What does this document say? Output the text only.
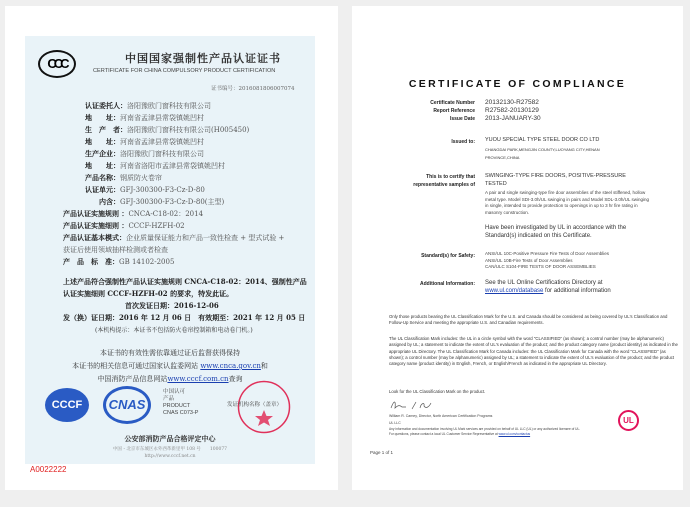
CCC	中国国家强制性产品认证证书
CERTIFICATE FOR CHINA COMPULSORY PRODUCT CERTIFICATION
证书编号：2016081806007074
认证委托人：洛阳豫欧门窗科技有限公司
地　　址：河南省孟津县常袋镇姚凹村
生　产　者：洛阳豫欧门窗科技有限公司(H005450)
地　　址：河南省孟津县常袋镇姚凹村
生产企业：洛阳豫欧门窗科技有限公司
地　　址：河南省洛阳市孟津县常袋镇姚凹村
产品名称：钢质防火卷帘
认证单元：GFJ-300300-F3-Cz-D-80
　　内含：GFJ-300300-F3-Cz-D-80(主型)
产品认证实施规则 ：CNCA-C18-02：2014
产品认证实施细则 ：CCCF-HZFH-02
产品认证基本模式：企业质量保证能力和产品一致性检查 + 型式试验 +
获证后使用领域抽样检测或者检查
产　品　标　准：GB 14102-2005
上述产品符合强制性产品认证实施规则 CNCA-C18-02：2014、强制性产品
认证实施细则 CCCF-HZFH-02 的要求，特发此证。
首次发证日期：2016-12-06
发（换）证日期：2016 年 12 月 06 日　有效期至：2021 年 12 月 05 日
(本机构提示：本证书不包括防火卷帘控制箱和电动卷门机。)
本证书的有效性需依靠通过证后监督获得保持
本证书的相关信息可通过国家认监委网站 www.cnca.gov.cn和
中国消防产品信息网站www.cccf.com.cn查询
CCCF	CNAS
中国认可
产品
PRODUCT
CNAS C073-P
发证机构名称（盖章）
公安部消防产品合格评定中心
中国・北京市东城区永外西革新里甲 108 号　　100077
http://www.cccf.net.cn
A0022222
CERTIFICATE OF COMPLIANCE
Certificate Number 20132130-R27582
Report Reference R27582-20130129
Issue Date 2013-JANUARY-30
Issued to: YUOU SPECIAL TYPE STEEL DOOR CO LTD
CHANGDAI PARK,MENGJIN COUNTY,LUOYANG CITY,HENAN
PROVINCE,CHINA
This is to certify that
representative samples of
SWINGING-TYPE FIRE DOORS, POSITIVE-PRESSURE TESTED
A pair and single swinging-type fire door assemblies of the steel stiffened, hollow metal type. Model SDI-3.0h/UL swinging in pairs and Model SDL-3.0h/UL swinging in single, intended to provide protection to openings in up to 3 hr fire rating in masonry construction.
Have been investigated by UL in accordance with the Standard(s) indicated on this Certificate.
Standard(s) for Safety: ANSI/UL 10C-Positive Pressure Fire Tests of Door Assemblies
ANSI/UL 10B-Fire Tests of Door Assemblies
CAN/ULC S104-FIRE TESTS OF DOOR ASSEMBLIES
Additional Information: See the UL Online Certifications Directory at
www.ul.com/database for additional information
Only those products bearing the UL Classification Mark for the U.S. and Canada should be considered as being covered by UL's Classification and Follow-Up Service and meeting the appropriate U.S. and Canadian requirements.
The UL Classification Mark includes: the UL in a circle symbol with the word "CLASSIFIED" (as shown); a control number (may be alphanumeric) assigned by UL; a statement to indicate the extent of UL's evaluation of the product; and the product category name (product identity) as indicated in the appropriate UL Directory. The UL Classification Mark for Canada includes: the UL Classification Mark for Canada with the word "CLASSIFIED" (as shown); a control number (may be alphanumeric) assigned by UL; a statement to indicate the extent of UL's evaluation of the product; and the product category name (product identity) in English, French, or English/French as indicated in the appropriate UL Directory.
Look for the UL Classification Mark on the product.
William R. Carney, Director, North American Certification Programs
UL LLC
Any information and documentation involving UL Mark services are provided on behalf of UL LLC (UL) or any authorized licensee of UL. For questions, please contact a local UL Customer Service Representative at www.ul.com/contactus
UL
Page 1 of 1
